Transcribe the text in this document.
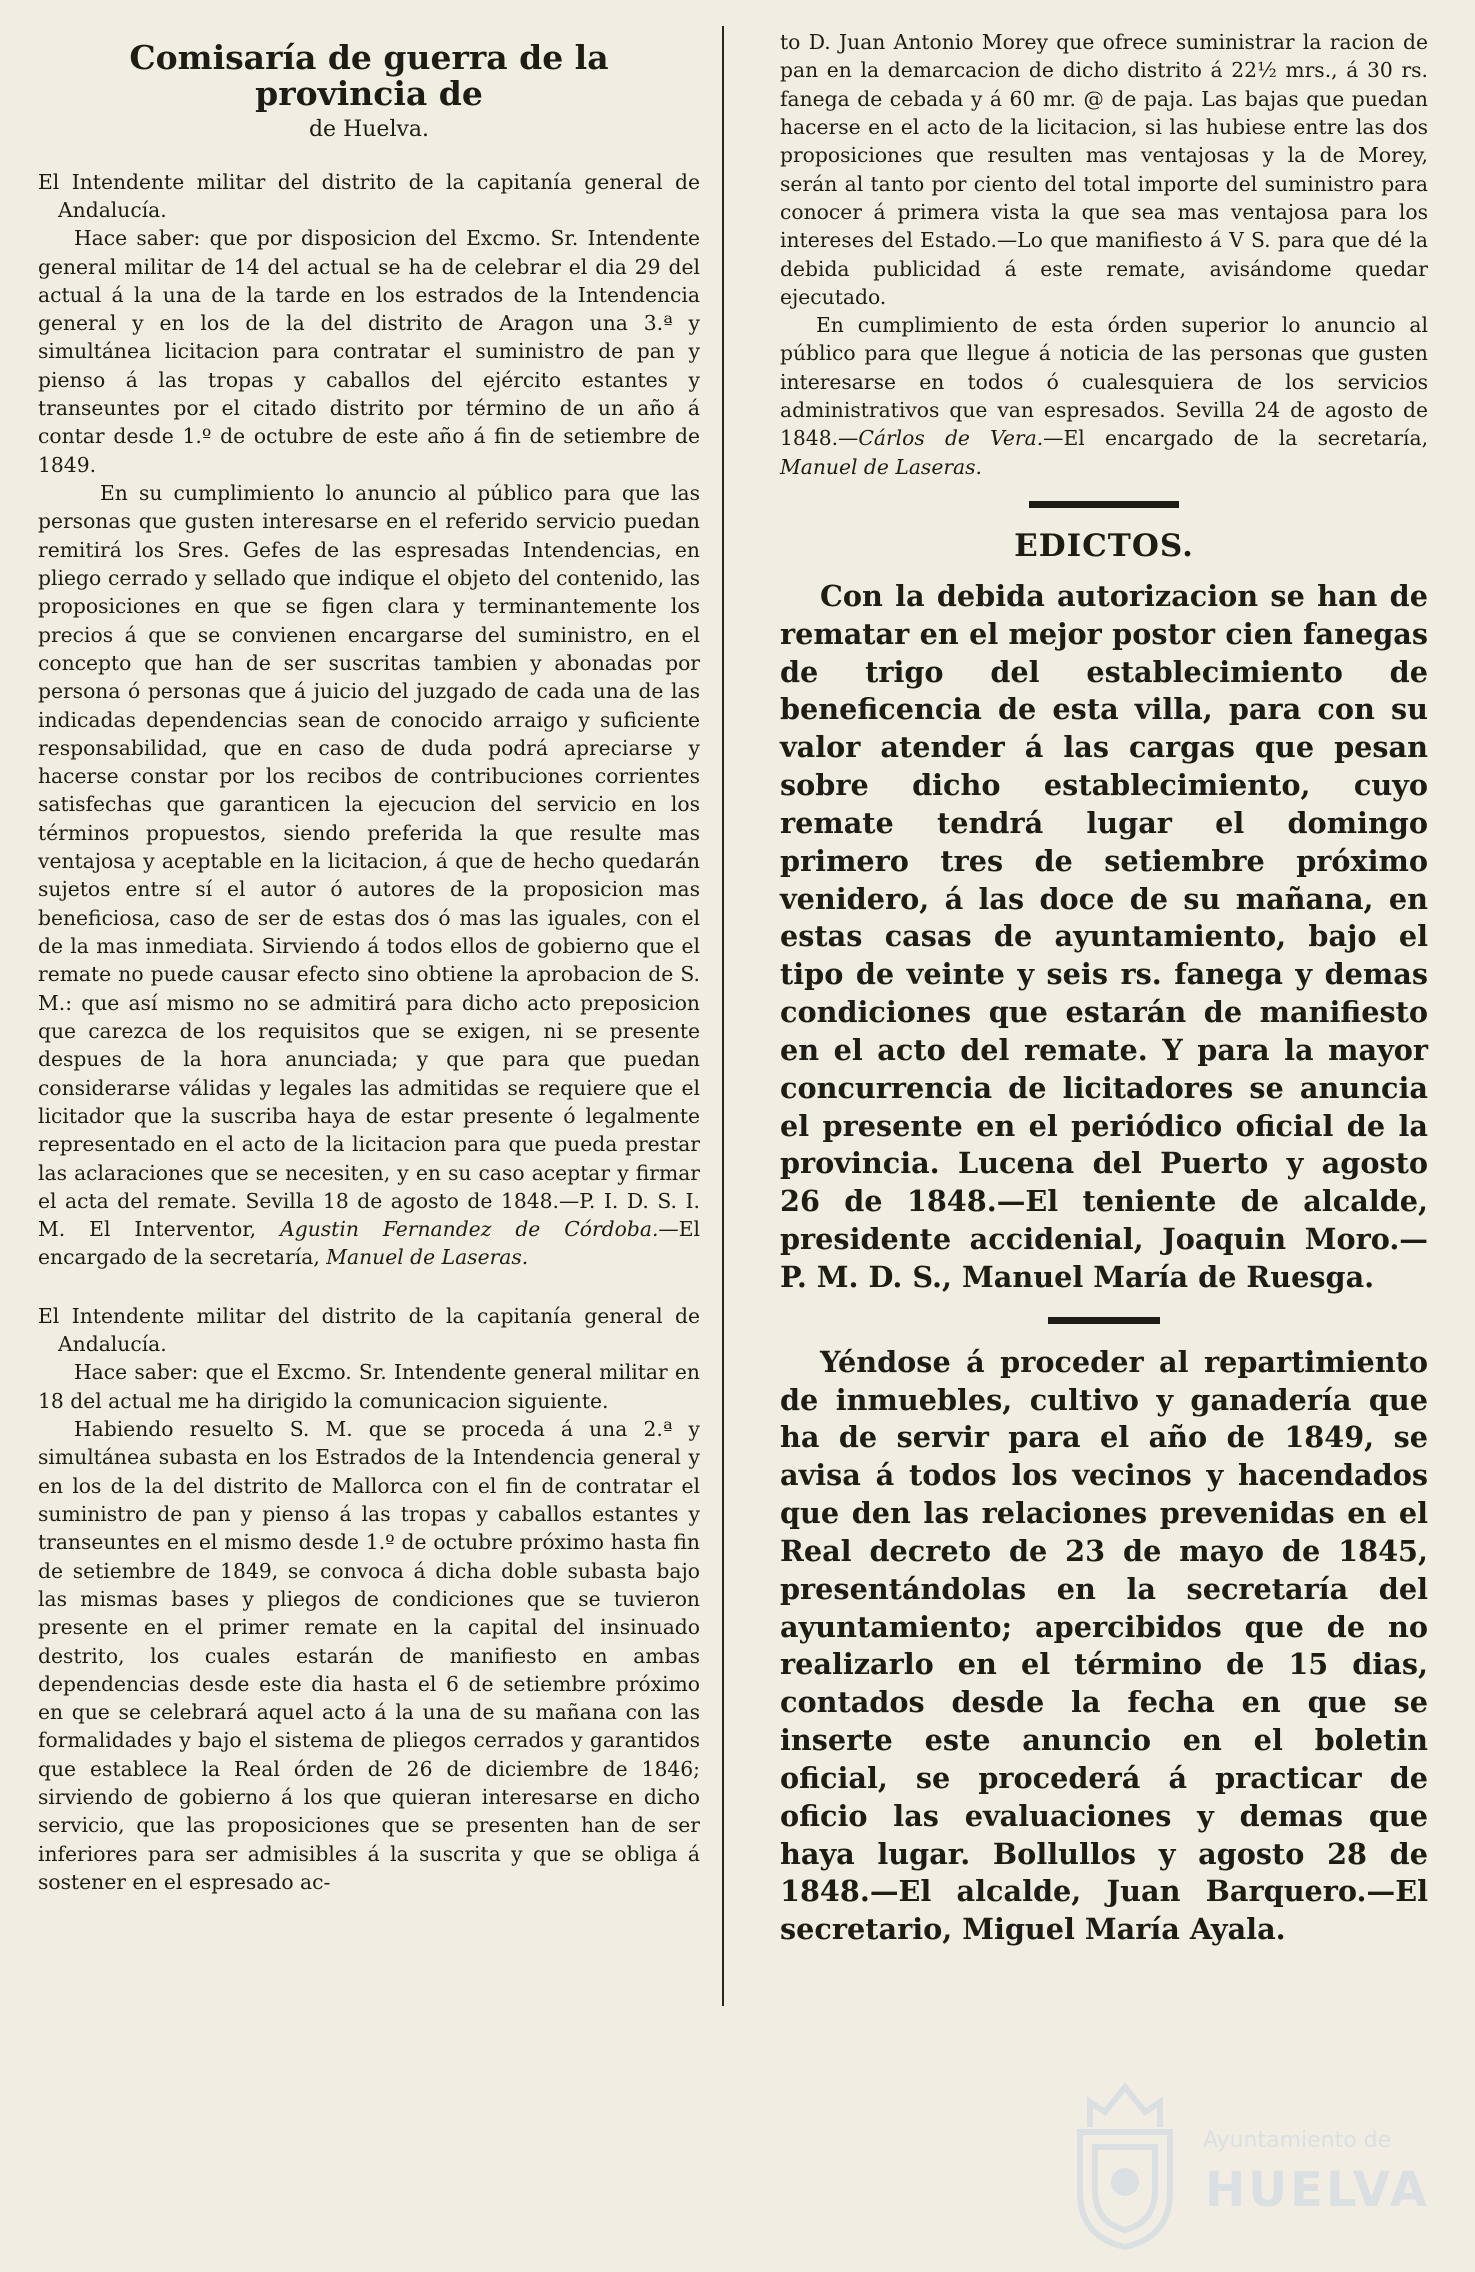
Comisaría de guerra de la provincia de
de Huelva.

El Intendente militar del distrito de la capitanía general de Andalucía.

Hace saber: que por disposicion del Excmo. Sr. Intendente general militar de 14 del actual se ha de celebrar el dia 29 del actual á la una de la tarde en los estrados de la Intendencia general y en los de la del distrito de Aragon una 3.ª y simultánea licitacion para contratar el suministro de pan y pienso á las tropas y caballos del ejército estantes y transeuntes por el citado distrito por término de un año á contar desde 1.º de octubre de este año á fin de setiembre de 1849.

En su cumplimiento lo anuncio al público para que las personas que gusten interesarse en el referido servicio puedan remitirá los Sres. Gefes de las espresadas Intendencias, en pliego cerrado y sellado que indique el objeto del contenido, las proposiciones en que se figen clara y terminantemente los precios á que se convienen encargarse del suministro, en el concepto que han de ser suscritas tambien y abonadas por persona ó personas que á juicio del juzgado de cada una de las indicadas dependencias sean de conocido arraigo y suficiente responsabilidad, que en caso de duda podrá apreciarse y hacerse constar por los recibos de contribuciones corrientes satisfechas que garanticen la ejecucion del servicio en los términos propuestos, siendo preferida la que resulte mas ventajosa y aceptable en la licitacion, á que de hecho quedarán sujetos entre sí el autor ó autores de la proposicion mas beneficiosa, caso de ser de estas dos ó mas las iguales, con el de la mas inmediata. Sirviendo á todos ellos de gobierno que el remate no puede causar efecto sino obtiene la aprobacion de S. M.: que así mismo no se admitirá para dicho acto preposicion que carezca de los requisitos que se exigen, ni se presente despues de la hora anunciada; y que para que puedan considerarse válidas y legales las admitidas se requiere que el licitador que la suscriba haya de estar presente ó legalmente representado en el acto de la licitacion para que pueda prestar las aclaraciones que se necesiten, y en su caso aceptar y firmar el acta del remate. Sevilla 18 de agosto de 1848.—P. I. D. S. I. M. El Interventor, Agustin Fernandez de Córdoba.—El encargado de la secretaría, Manuel de Laseras.

El Intendente militar del distrito de la capitanía general de Andalucía.

Hace saber: que el Excmo. Sr. Intendente general militar en 18 del actual me ha dirigido la comunicacion siguiente.

Habiendo resuelto S. M. que se proceda á una 2.ª y simultánea subasta en los Estrados de la Intendencia general y en los de la del distrito de Mallorca con el fin de contratar el suministro de pan y pienso á las tropas y caballos estantes y transeuntes en el mismo desde 1.º de octubre próximo hasta fin de setiembre de 1849, se convoca á dicha doble subasta bajo las mismas bases y pliegos de condiciones que se tuvieron presente en el primer remate en la capital del insinuado destrito, los cuales estarán de manifiesto en ambas dependencias desde este dia hasta el 6 de setiembre próximo en que se celebrará aquel acto á la una de su mañana con las formalidades y bajo el sistema de pliegos cerrados y garantidos que establece la Real órden de 26 de diciembre de 1846; sirviendo de gobierno á los que quieran interesarse en dicho servicio, que las proposiciones que se presenten han de ser inferiores para ser admisibles á la suscrita y que se obliga á sostener en el espresado ac-

to D. Juan Antonio Morey que ofrece suministrar la racion de pan en la demarcacion de dicho distrito á 22½ mrs., á 30 rs. fanega de cebada y á 60 mr. @ de paja. Las bajas que puedan hacerse en el acto de la licitacion, si las hubiese entre las dos proposiciones que resulten mas ventajosas y la de Morey, serán al tanto por ciento del total importe del suministro para conocer á primera vista la que sea mas ventajosa para los intereses del Estado.—Lo que manifiesto á V S. para que dé la debida publicidad á este remate, avisándome quedar ejecutado.

En cumplimiento de esta órden superior lo anuncio al público para que llegue á noticia de las personas que gusten interesarse en todos ó cualesquiera de los servicios administrativos que van espresados. Sevilla 24 de agosto de 1848.—Cárlos de Vera.—El encargado de la secretaría, Manuel de Laseras.

EDICTOS.

Con la debida autorizacion se han de rematar en el mejor postor cien fanegas de trigo del establecimiento de beneficencia de esta villa, para con su valor atender á las cargas que pesan sobre dicho establecimiento, cuyo remate tendrá lugar el domingo primero tres de setiembre próximo venidero, á las doce de su mañana, en estas casas de ayuntamiento, bajo el tipo de veinte y seis rs. fanega y demas condiciones que estarán de manifiesto en el acto del remate. Y para la mayor concurrencia de licitadores se anuncia el presente en el periódico oficial de la provincia. Lucena del Puerto y agosto 26 de 1848.—El teniente de alcalde, presidente accidenial, Joaquin Moro.—P. M. D. S., Manuel María de Ruesga.

Yéndose á proceder al repartimiento de inmuebles, cultivo y ganadería que ha de servir para el año de 1849, se avisa á todos los vecinos y hacendados que den las relaciones prevenidas en el Real decreto de 23 de mayo de 1845, presentándolas en la secretaría del ayuntamiento; apercibidos que de no realizarlo en el término de 15 dias, contados desde la fecha en que se inserte este anuncio en el boletin oficial, se procederá á practicar de oficio las evaluaciones y demas que haya lugar. Bollullos y agosto 28 de 1848.—El alcalde, Juan Barquero.—El secretario, Miguel María Ayala.

Ayuntamiento de
HUELVA
